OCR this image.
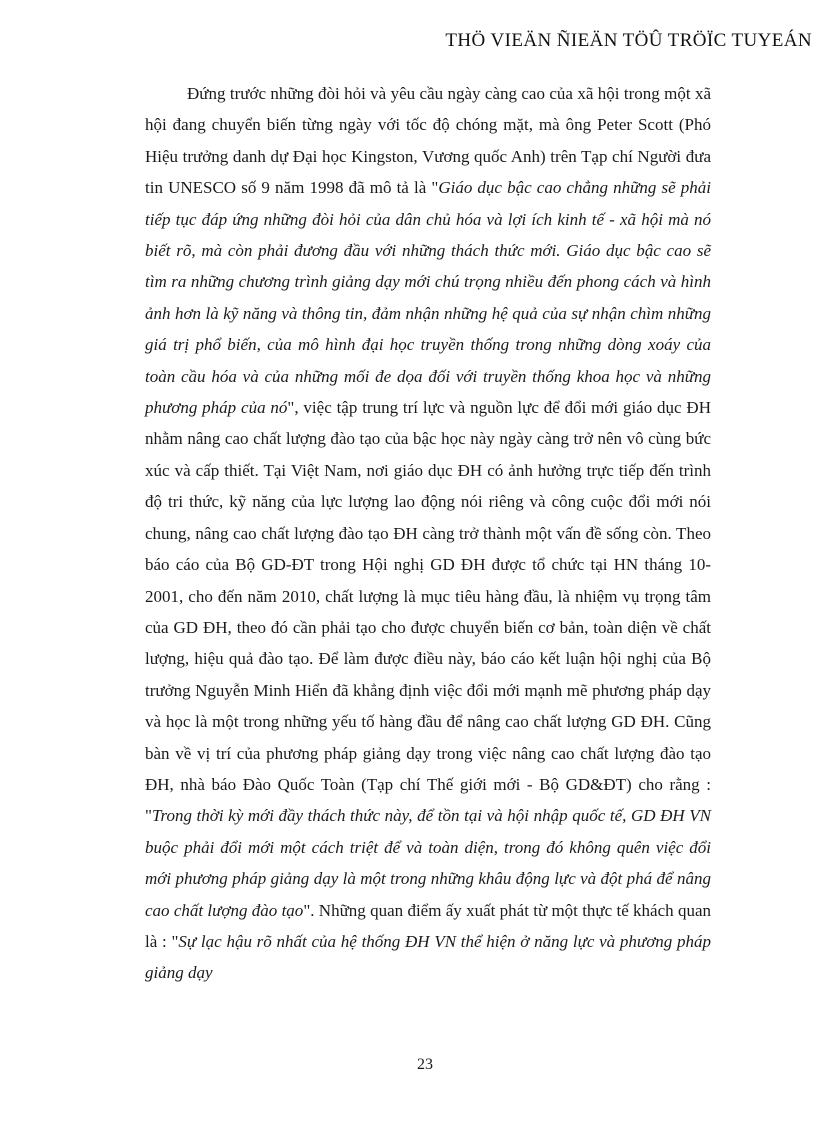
THÖ VIEÄN ÑIEÄN TÖÛ TRÖÏC TUYEÁN

Đứng trước những đòi hỏi và yêu cầu ngày càng cao của xã hội trong một xã hội đang chuyển biến từng ngày với tốc độ chóng mặt, mà ông Peter Scott (Phó Hiệu trưởng danh dự Đại học Kingston, Vương quốc Anh) trên Tạp chí Người đưa tin UNESCO số 9 năm 1998 đã mô tả là "Giáo dục bậc cao chẳng những sẽ phải tiếp tục đáp ứng những đòi hỏi của dân chủ hóa và lợi ích kinh tế - xã hội mà nó biết rõ, mà còn phải đương đầu với những thách thức mới. Giáo dục bậc cao sẽ tìm ra những chương trình giảng dạy mới chú trọng nhiều đến phong cách và hình ảnh hơn là kỹ năng và thông tin, đảm nhận những hệ quả của sự nhận chìm những giá trị phổ biến, của mô hình đại học truyền thống trong những dòng xoáy của toàn cầu hóa và của những mối đe dọa đối với truyền thống khoa học và những phương pháp của nó", việc tập trung trí lực và nguồn lực để đổi mới giáo dục ĐH nhằm nâng cao chất lượng đào tạo của bậc học này ngày càng trở nên vô cùng bức xúc và cấp thiết. Tại Việt Nam, nơi giáo dục ĐH có ảnh hưởng trực tiếp đến trình độ tri thức, kỹ năng của lực lượng lao động nói riêng và công cuộc đổi mới nói chung, nâng cao chất lượng đào tạo ĐH càng trở thành một vấn đề sống còn. Theo báo cáo của Bộ GD-ĐT trong Hội nghị GD ĐH được tổ chức tại HN tháng 10-2001, cho đến năm 2010, chất lượng là mục tiêu hàng đầu, là nhiệm vụ trọng tâm của GD ĐH, theo đó cần phải tạo cho được chuyển biến cơ bản, toàn diện về chất lượng, hiệu quả đào tạo. Để làm được điều này, báo cáo kết luận hội nghị của Bộ trưởng Nguyễn Minh Hiển đã khẳng định việc đổi mới mạnh mẽ phương pháp dạy và học là một trong những yếu tố hàng đầu để nâng cao chất lượng GD ĐH. Cũng bàn về vị trí của phương pháp giảng dạy trong việc nâng cao chất lượng đào tạo ĐH, nhà báo Đào Quốc Toàn (Tạp chí Thế giới mới - Bộ GD&ĐT) cho rằng : "Trong thời kỳ mới đầy thách thức này, để tồn tại và hội nhập quốc tế, GD ĐH VN buộc phải đổi mới một cách triệt để và toàn diện, trong đó không quên việc đổi mới phương pháp giảng dạy là một trong những khâu động lực và đột phá để nâng cao chất lượng đào tạo". Những quan điểm ấy xuất phát từ một thực tế khách quan là : "Sự lạc hậu rõ nhất của hệ thống ĐH VN thể hiện ở năng lực và phương pháp giảng dạy

23
